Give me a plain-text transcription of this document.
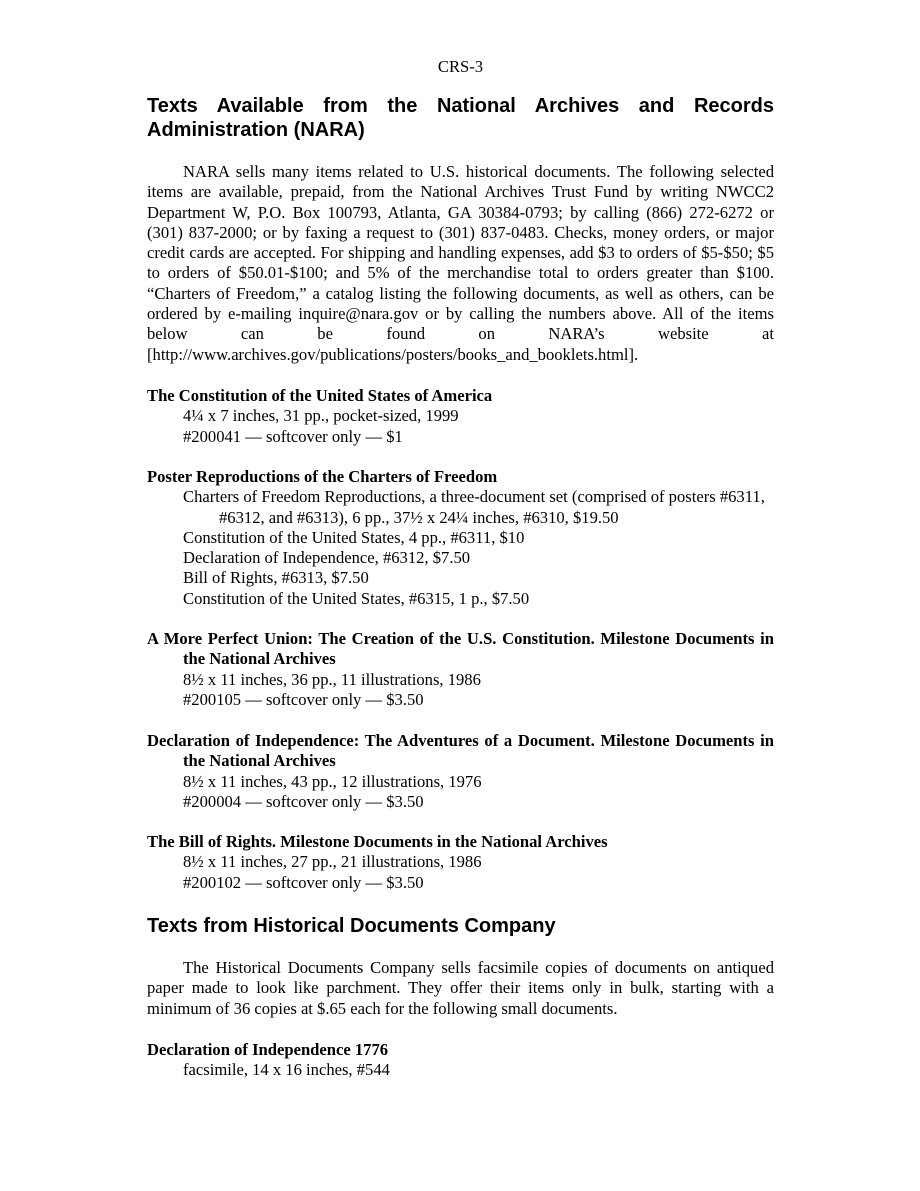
CRS-3
Texts Available from the National Archives and Records Administration (NARA)

NARA sells many items related to U.S. historical documents. The following selected items are available, prepaid, from the National Archives Trust Fund by writing NWCC2 Department W, P.O. Box 100793, Atlanta, GA 30384-0793; by calling (866) 272-6272 or (301) 837-2000; or by faxing a request to (301) 837-0483. Checks, money orders, or major credit cards are accepted. For shipping and handling expenses, add $3 to orders of $5-$50; $5 to orders of $50.01-$100; and 5% of the merchandise total to orders greater than $100. “Charters of Freedom,” a catalog listing the following documents, as well as others, can be ordered by e-mailing inquire@nara.gov or by calling the numbers above. All of the items below can be found on NARA’s website at [http://www.archives.gov/publications/posters/books_and_booklets.html].

The Constitution of the United States of America

4¼ x 7 inches, 31 pp., pocket-sized, 1999

#200041 — softcover only — $1

Poster Reproductions of the Charters of Freedom

Charters of Freedom Reproductions, a three-document set (comprised of posters #6311, #6312, and #6313), 6 pp., 37½ x 24¼ inches, #6310, $19.50

Constitution of the United States, 4 pp., #6311, $10

Declaration of Independence, #6312, $7.50

Bill of Rights, #6313, $7.50

Constitution of the United States, #6315, 1 p., $7.50

A More Perfect Union: The Creation of the U.S. Constitution. Milestone Documents in the National Archives

8½ x 11 inches, 36 pp., 11 illustrations, 1986

#200105 — softcover only — $3.50

Declaration of Independence: The Adventures of a Document. Milestone Documents in the National Archives

8½ x 11 inches, 43 pp., 12 illustrations, 1976

#200004 — softcover only — $3.50

The Bill of Rights. Milestone Documents in the National Archives

8½ x 11 inches, 27 pp., 21 illustrations, 1986

#200102 — softcover only — $3.50

Texts from Historical Documents Company

The Historical Documents Company sells facsimile copies of documents on antiqued paper made to look like parchment. They offer their items only in bulk, starting with a minimum of 36 copies at $.65 each for the following small documents.

Declaration of Independence 1776

facsimile, 14 x 16 inches, #544
